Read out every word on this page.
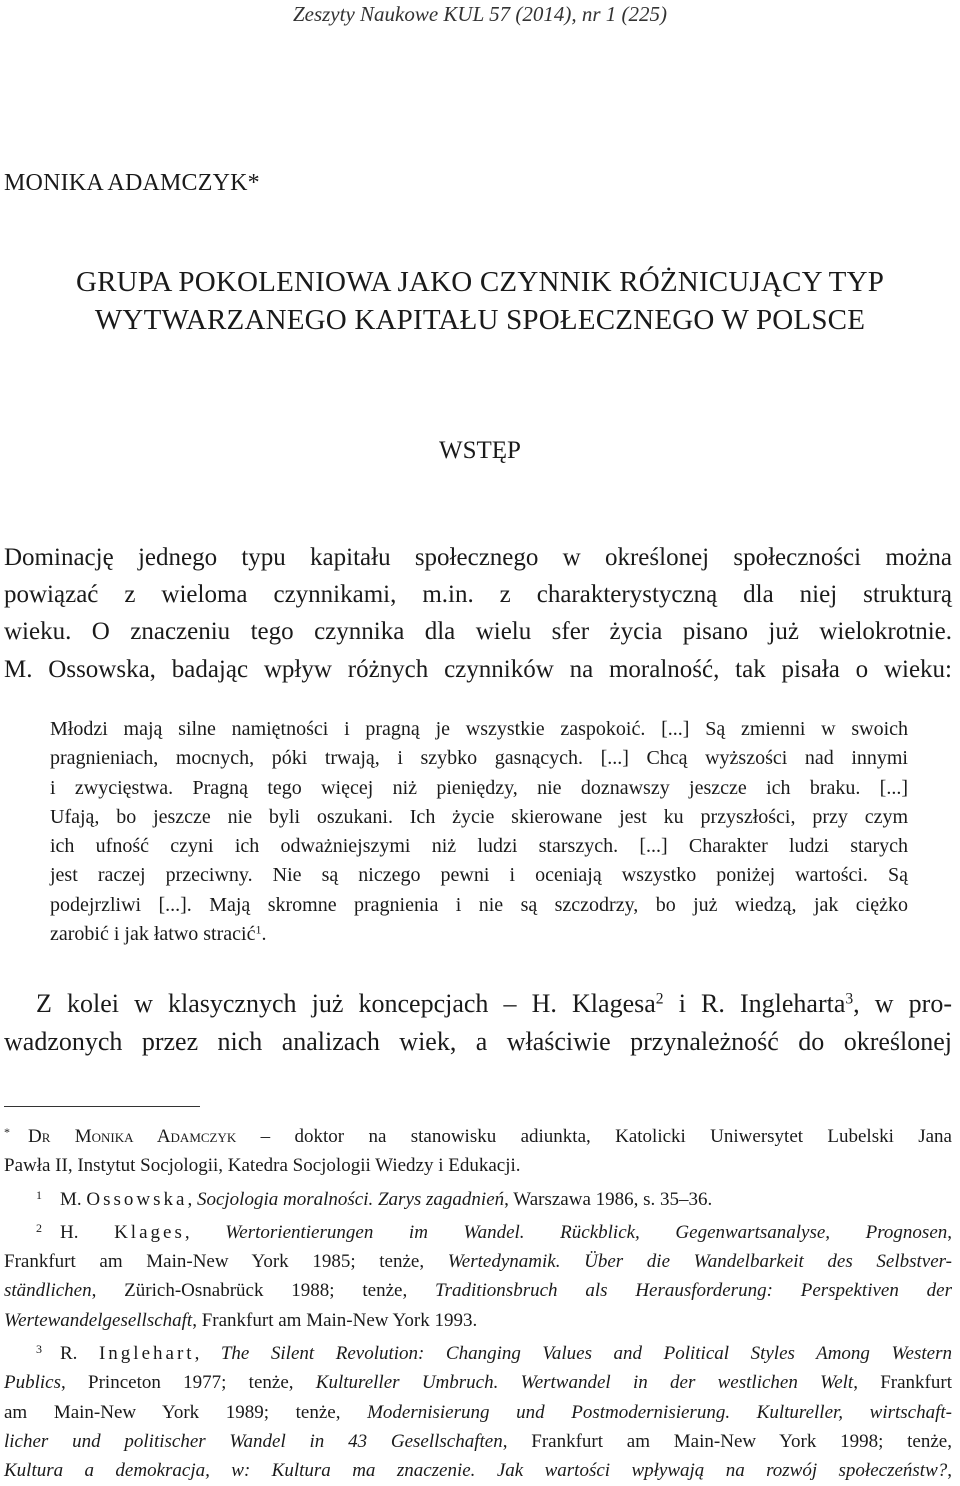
Zeszyty Naukowe KUL 57 (2014), nr 1 (225)
MONIKA ADAMCZYK*
GRUPA POKOLENIOWA JAKO CZYNNIK RÓŻNICUJĄCY TYP
WYTWARZANEGO KAPITAŁU SPOŁECZNEGO W POLSCE
WSTĘP
Dominację jednego typu kapitału społecznego w określonej społeczności można
powiązać z wieloma czynnikami, m.in. z charakterystyczną dla niej strukturą
wieku. O znaczeniu tego czynnika dla wielu sfer życia pisano już wielokrotnie.
M. Ossowska, badając wpływ różnych czynników na moralność, tak pisała o wieku:
Młodzi mają silne namiętności i pragną je wszystkie zaspokoić. [...] Są zmienni w swoich
pragnieniach, mocnych, póki trwają, i szybko gasnących. [...] Chcą wyższości nad innymi
i zwycięstwa. Pragną tego więcej niż pieniędzy, nie doznawszy jeszcze ich braku. [...]
Ufają, bo jeszcze nie byli oszukani. Ich życie skierowane jest ku przyszłości, przy czym
ich ufność czyni ich odważniejszymi niż ludzi starszych. [...] Charakter ludzi starych
jest raczej przeciwny. Nie są niczego pewni i oceniają wszystko poniżej wartości. Są
podejrzliwi [...]. Mają skromne pragnienia i nie są szczodrzy, bo już wiedzą, jak ciężko
zarobić i jak łatwo stracić$^1$.
Z kolei w klasycznych już koncepcjach – H. Klagesa$^2$ i R. Ingleharta$^3$, w pro-
wadzonych przez nich analizach wiek, a właściwie przynależność do określonej
* Dr Monika Adamczyk – doktor na stanowisku adiunkta, Katolicki Uniwersytet Lubelski Jana
Pawła II, Instytut Socjologii, Katedra Socjologii Wiedzy i Edukacji.
$^1$ M. Ossowska, Socjologia moralności. Zarys zagadnień, Warszawa 1986, s. 35–36.
$^2$ H. Klages, Wertorientierungen im Wandel. Rückblick, Gegenwartsanalyse, Prognosen,
Frankfurt am Main-New York 1985; tenże, Wertedynamik. Über die Wandelbarkeit des Selbstver-
ständlichen, Zürich-Osnabrück 1988; tenże, Traditionsbruch als Herausforderung: Perspektiven der
Wertewandelgesellschaft, Frankfurt am Main-New York 1993.
$^3$ R. Inglehart, The Silent Revolution: Changing Values and Political Styles Among Western
Publics, Princeton 1977; tenże, Kultureller Umbruch. Wertwandel in der westlichen Welt, Frankfurt
am Main-New York 1989; tenże, Modernisierung und Postmodernisierung. Kultureller, wirtschaft-
licher und politischer Wandel in 43 Gesellschaften, Frankfurt am Main-New York 1998; tenże,
Kultura a demokracja, w: Kultura ma znaczenie. Jak wartości wpływają na rozwój społeczeństw?,
